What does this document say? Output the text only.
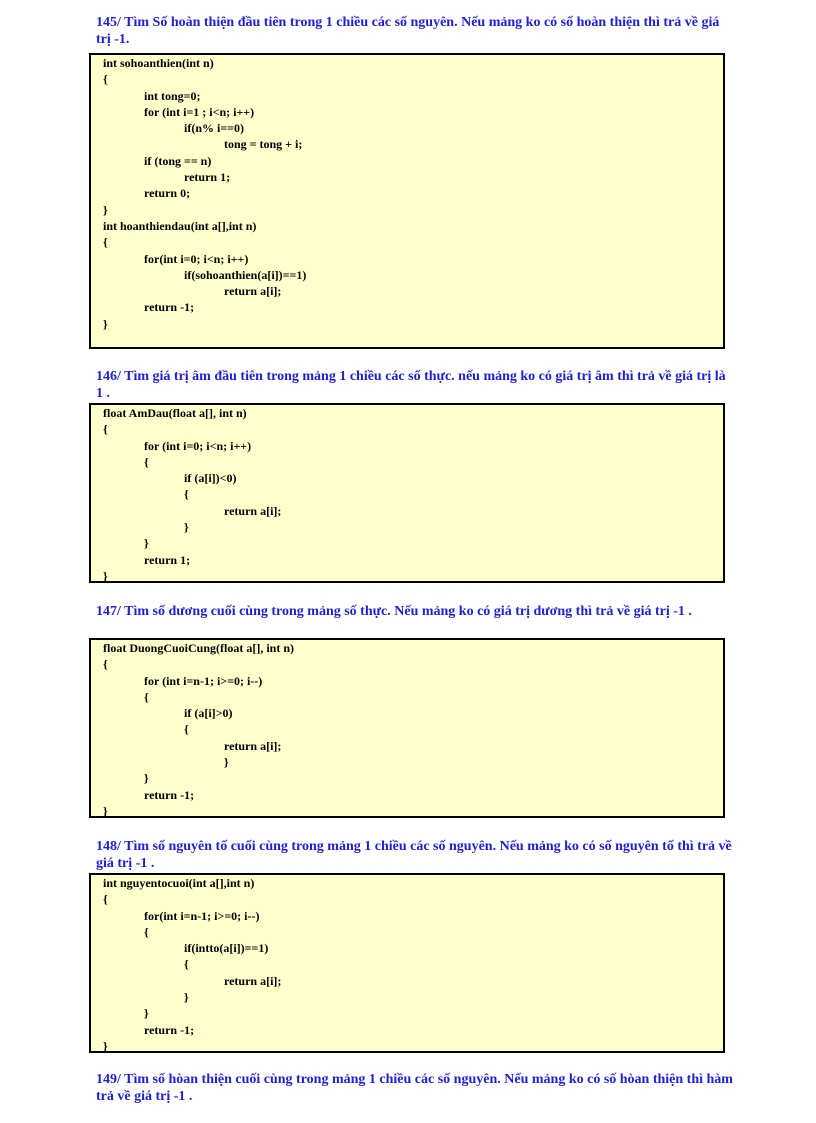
145/ Tìm Số hoàn thiện đầu tiên trong 1 chiều các số nguyên. Nếu mảng ko có số hoàn thiện thì trả về giá trị -1.
int sohoanthien(int n)
{
int tong=0;
for (int i=1 ; i<n; i++)
if(n% i==0)
tong = tong + i;
if (tong == n)
return 1;
return 0;
}
int hoanthiendau(int a[],int n)
{
for(int i=0; i<n; i++)
if(sohoanthien(a[i])==1)
return a[i];
return -1;
}
146/ Tìm giá trị âm đầu tiên trong mảng 1 chiều các số thực. nếu mảng ko có giá trị âm thì trả về giá trị là 1 .
float AmDau(float a[], int n)
{
for (int i=0; i<n; i++)
{
if (a[i])<0)
{
return a[i];
}
}
return 1;
}
147/ Tìm số dương cuối cùng trong mảng số thực. Nếu mảng ko có giá trị dương thì trả về giá trị -1 .
float DuongCuoiCung(float a[], int n)
{
for (int i=n-1; i>=0; i--)
{
if (a[i]>0)
{
return a[i];
}
}
return -1;
}
148/ Tìm số nguyên tố cuối cùng trong mảng 1 chiều các số nguyên. Nếu mảng ko có số nguyên tố thì trả về giá trị -1 .
int nguyentocuoi(int a[],int n)
{
for(int i=n-1; i>=0; i--)
{
if(intto(a[i])==1)
{
return a[i];
}
}
return -1;
}
149/ Tìm số hòan thiện cuối cùng trong mảng 1 chiều các số nguyên. Nếu mảng ko có số hòan thiện thì hàm trả về giá trị -1 .
